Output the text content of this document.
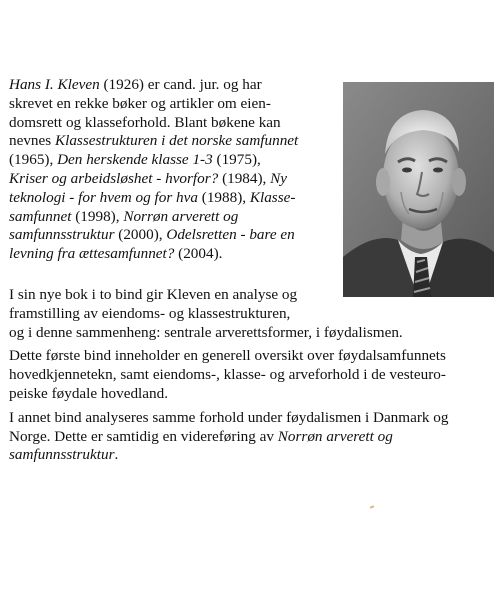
Hans I. Kleven (1926) er cand. jur. og har
skrevet en rekke bøker og artikler om eien-
domsrett og klasseforhold. Blant bøkene kan
nevnes Klassestrukturen i det norske samfunnet
(1965), Den herskende klasse 1-3 (1975),
Kriser og arbeidsløshet - hvorfor? (1984), Ny
teknologi - for hvem og for hva (1988), Klasse-
samfunnet (1998), Norrøn arverett og
samfunnsstruktur (2000), Odelsretten - bare en
levning fra ættesamfunnet? (2004).
I sin nye bok i to bind gir Kleven en analyse og
framstilling av eiendoms- og klassestrukturen,
og i denne sammenheng: sentrale arverettsformer, i føydalismen.
Dette første bind inneholder en generell oversikt over føydalsamfunnets
hovedkjennetekn, samt eiendoms-, klasse- og arveforhold i de vesteuro-
peiske føydale hovedland.
I annet bind analyseres samme forhold under føydalismen i Danmark og
Norge. Dette er samtidig en videreføring av Norrøn arverett og
samfunnsstruktur.
